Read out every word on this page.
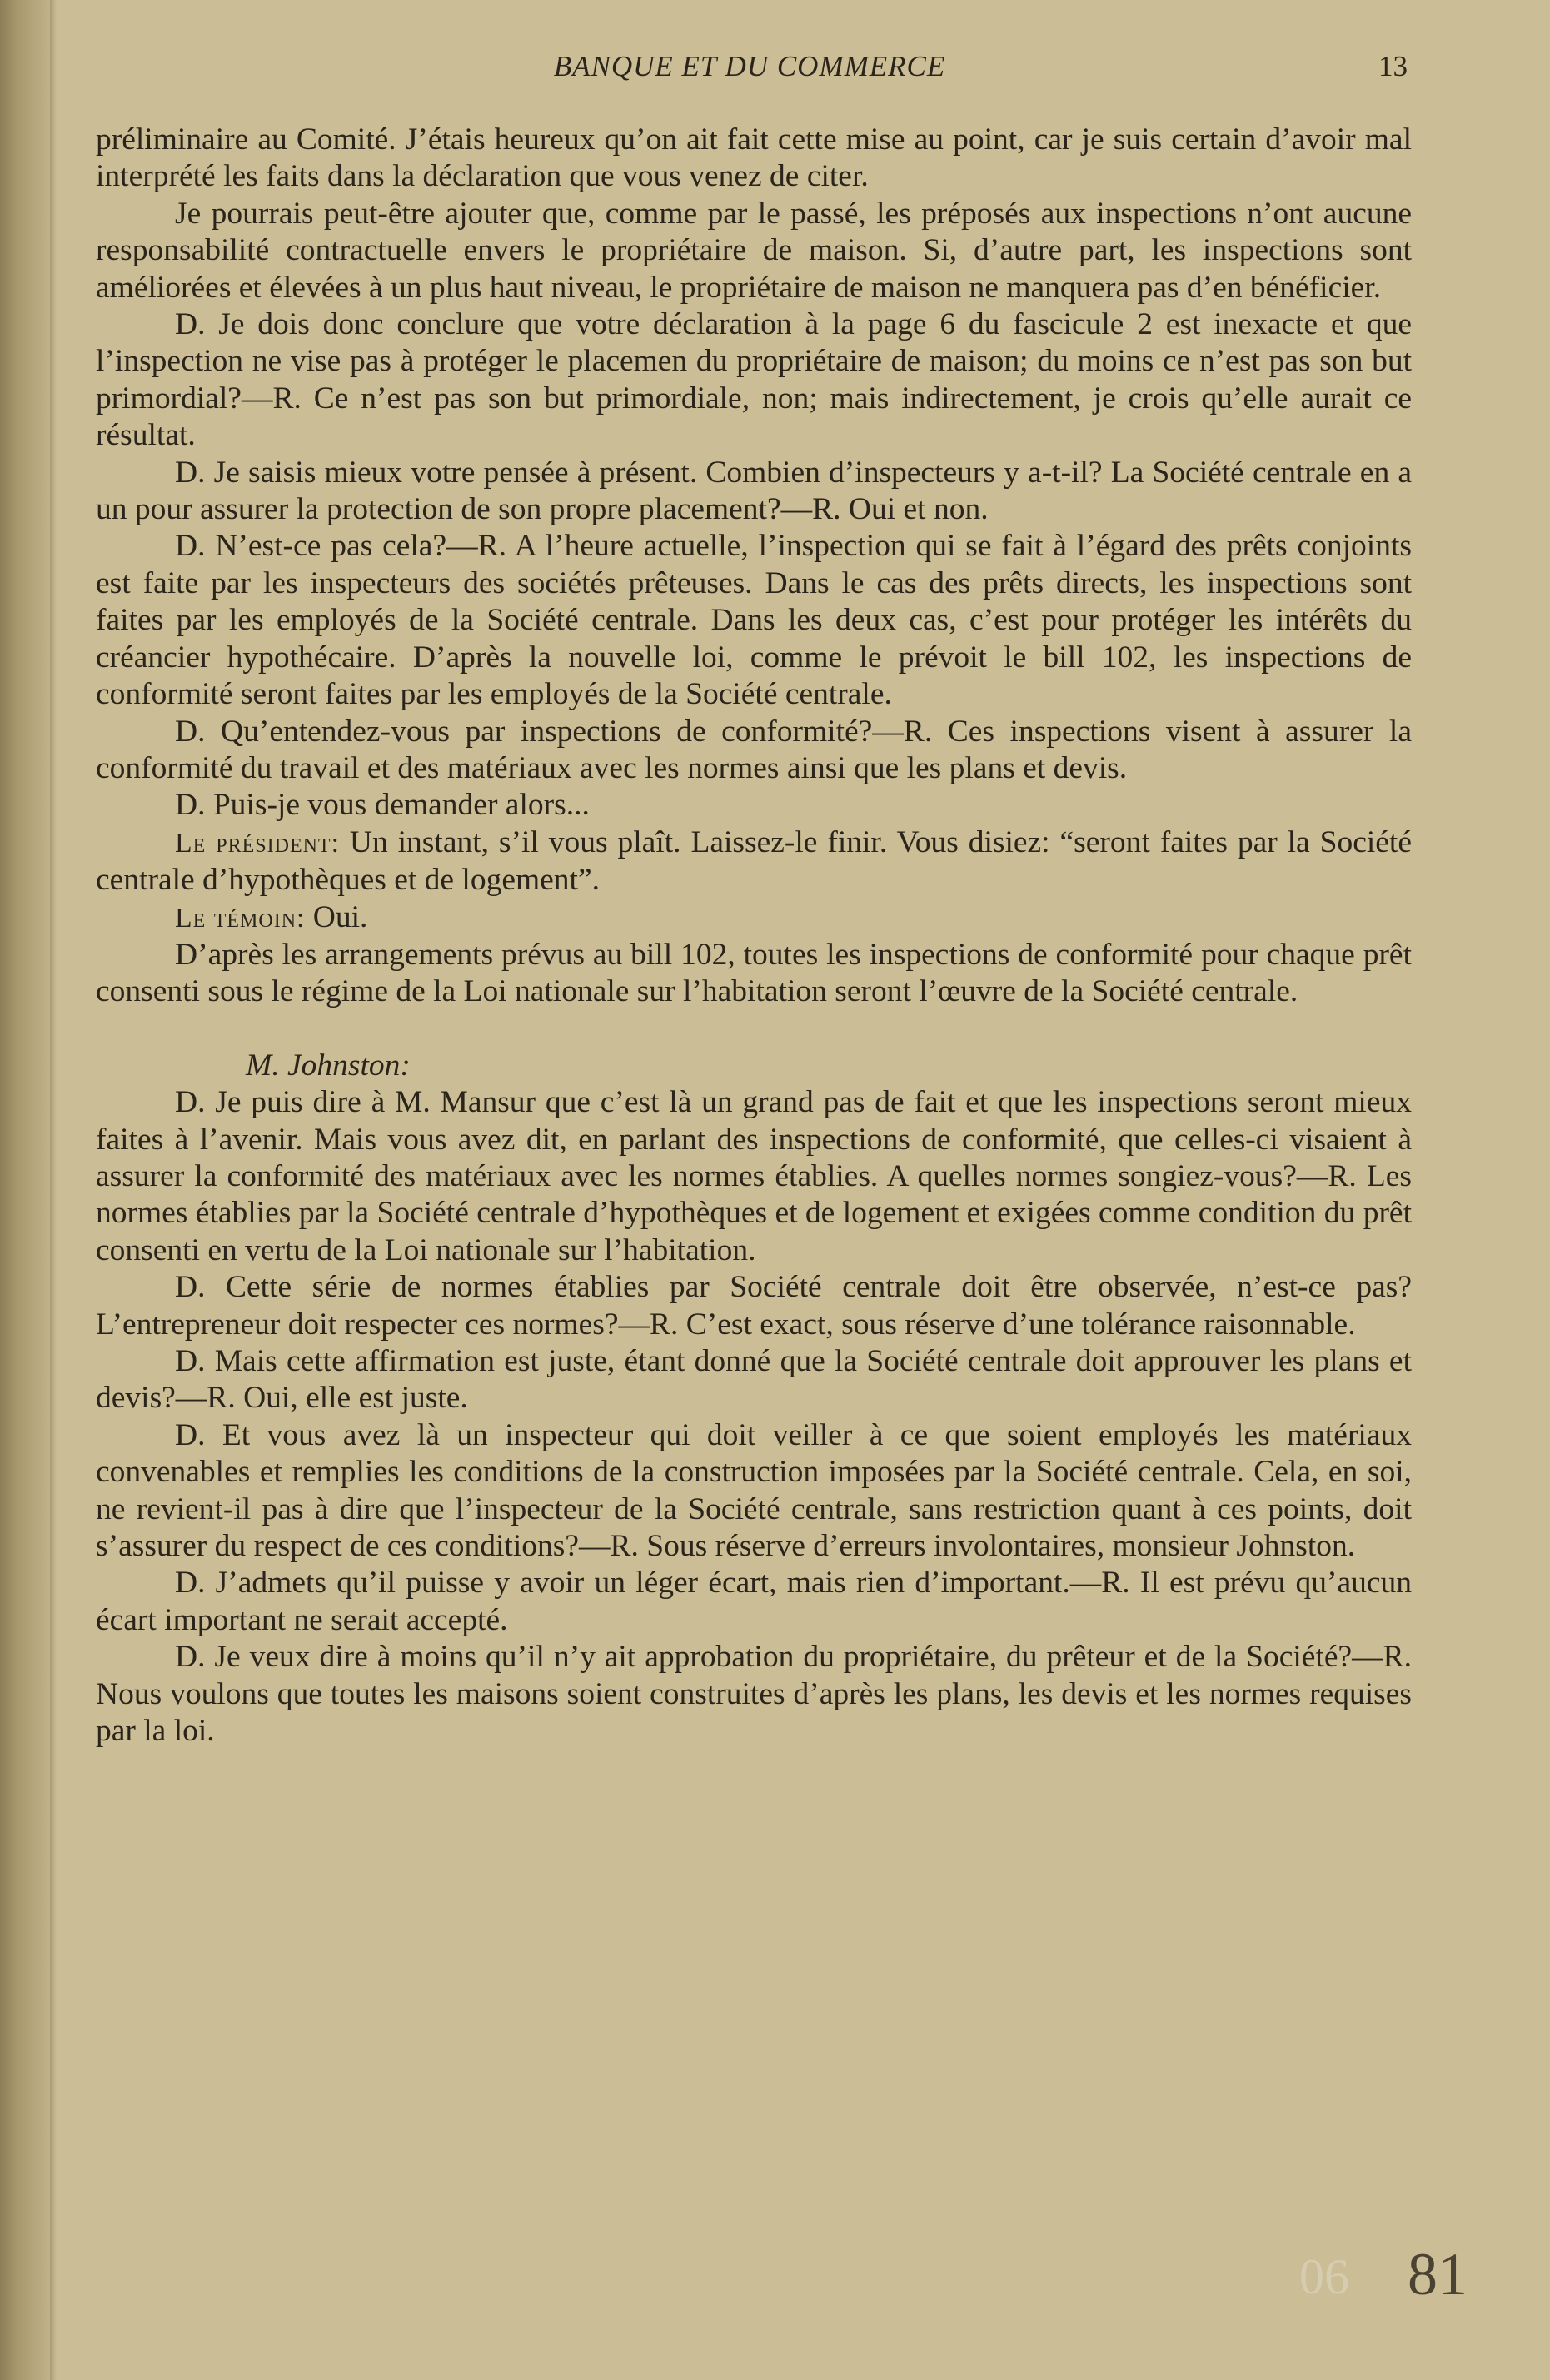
BANQUE ET DU COMMERCE	13

préliminaire au Comité. J’étais heureux qu’on ait fait cette mise au point, car je suis certain d’avoir mal interprété les faits dans la déclaration que vous venez de citer.

Je pourrais peut-être ajouter que, comme par le passé, les préposés aux inspections n’ont aucune responsabilité contractuelle envers le propriétaire de maison. Si, d’autre part, les inspections sont améliorées et élevées à un plus haut niveau, le propriétaire de maison ne manquera pas d’en bénéficier.

D. Je dois donc conclure que votre déclaration à la page 6 du fascicule 2 est inexacte et que l’inspection ne vise pas à protéger le placemen du propriétaire de maison; du moins ce n’est pas son but primordial?—R. Ce n’est pas son but primordiale, non; mais indirectement, je crois qu’elle aurait ce résultat.

D. Je saisis mieux votre pensée à présent. Combien d’inspecteurs y a-t-il? La Société centrale en a un pour assurer la protection de son propre placement?—R. Oui et non.

D. N’est-ce pas cela?—R. A l’heure actuelle, l’inspection qui se fait à l’égard des prêts conjoints est faite par les inspecteurs des sociétés prêteuses. Dans le cas des prêts directs, les inspections sont faites par les employés de la Société centrale. Dans les deux cas, c’est pour protéger les intérêts du créancier hypothécaire. D’après la nouvelle loi, comme le prévoit le bill 102, les inspections de conformité seront faites par les employés de la Société centrale.

D. Qu’entendez-vous par inspections de conformité?—R. Ces inspections visent à assurer la conformité du travail et des matériaux avec les normes ainsi que les plans et devis.

D. Puis-je vous demander alors...

Le président: Un instant, s’il vous plaît. Laissez-le finir. Vous disiez: “seront faites par la Société centrale d’hypothèques et de logement”.

Le témoin: Oui.

D’après les arrangements prévus au bill 102, toutes les inspections de conformité pour chaque prêt consenti sous le régime de la Loi nationale sur l’habitation seront l’œuvre de la Société centrale.

M. Johnston:

D. Je puis dire à M. Mansur que c’est là un grand pas de fait et que les inspections seront mieux faites à l’avenir. Mais vous avez dit, en parlant des inspections de conformité, que celles-ci visaient à assurer la conformité des matériaux avec les normes établies. A quelles normes songiez-vous?—R. Les normes établies par la Société centrale d’hypothèques et de logement et exigées comme condition du prêt consenti en vertu de la Loi nationale sur l’habitation.

D. Cette série de normes établies par Société centrale doit être observée, n’est-ce pas? L’entrepreneur doit respecter ces normes?—R. C’est exact, sous réserve d’une tolérance raisonnable.

D. Mais cette affirmation est juste, étant donné que la Société centrale doit approuver les plans et devis?—R. Oui, elle est juste.

D. Et vous avez là un inspecteur qui doit veiller à ce que soient employés les matériaux convenables et remplies les conditions de la construction imposées par la Société centrale. Cela, en soi, ne revient-il pas à dire que l’inspecteur de la Société centrale, sans restriction quant à ces points, doit s’assurer du respect de ces conditions?—R. Sous réserve d’erreurs involontaires, monsieur Johnston.

D. J’admets qu’il puisse y avoir un léger écart, mais rien d’important.—R. Il est prévu qu’aucun écart important ne serait accepté.

D. Je veux dire à moins qu’il n’y ait approbation du propriétaire, du prêteur et de la Société?—R. Nous voulons que toutes les maisons soient construites d’après les plans, les devis et les normes requises par la loi.

06 81
